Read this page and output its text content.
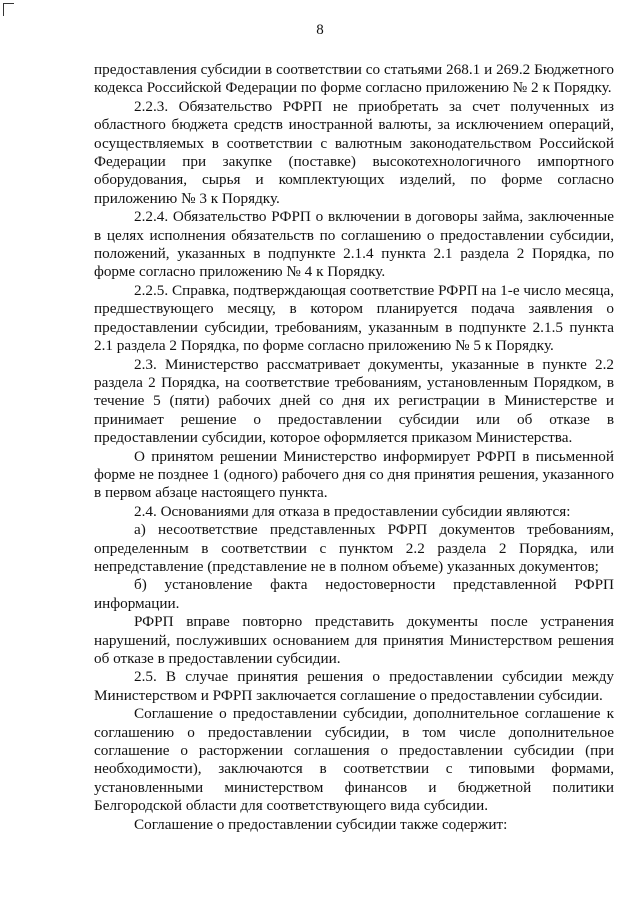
8

предоставления субсидии в соответствии со статьями 268.1 и 269.2 Бюджетного кодекса Российской Федерации по форме согласно приложению № 2 к Порядку.

2.2.3. Обязательство РФРП не приобретать за счет полученных из областного бюджета средств иностранной валюты, за исключением операций, осуществляемых в соответствии с валютным законодательством Российской Федерации при закупке (поставке) высокотехнологичного импортного оборудования, сырья и комплектующих изделий, по форме согласно приложению № 3 к Порядку.

2.2.4. Обязательство РФРП о включении в договоры займа, заключенные в целях исполнения обязательств по соглашению о предоставлении субсидии, положений, указанных в подпункте 2.1.4 пункта 2.1 раздела 2 Порядка, по форме согласно приложению № 4 к Порядку.

2.2.5. Справка, подтверждающая соответствие РФРП на 1-е число месяца, предшествующего месяцу, в котором планируется подача заявления о предоставлении субсидии, требованиям, указанным в подпункте 2.1.5 пункта 2.1 раздела 2 Порядка, по форме согласно приложению № 5 к Порядку.

2.3. Министерство рассматривает документы, указанные в пункте 2.2 раздела 2 Порядка, на соответствие требованиям, установленным Порядком, в течение 5 (пяти) рабочих дней со дня их регистрации в Министерстве и принимает решение о предоставлении субсидии или об отказе в предоставлении субсидии, которое оформляется приказом Министерства.

О принятом решении Министерство информирует РФРП в письменной форме не позднее 1 (одного) рабочего дня со дня принятия решения, указанного в первом абзаце настоящего пункта.

2.4. Основаниями для отказа в предоставлении субсидии являются:

а) несоответствие представленных РФРП документов требованиям, определенным в соответствии с пунктом 2.2 раздела 2 Порядка, или непредставление (представление не в полном объеме) указанных документов;

б) установление факта недостоверности представленной РФРП информации.

РФРП вправе повторно представить документы после устранения нарушений, послуживших основанием для принятия Министерством решения об отказе в предоставлении субсидии.

2.5. В случае принятия решения о предоставлении субсидии между Министерством и РФРП заключается соглашение о предоставлении субсидии.

Соглашение о предоставлении субсидии, дополнительное соглашение к соглашению о предоставлении субсидии, в том числе дополнительное соглашение о расторжении соглашения о предоставлении субсидии (при необходимости), заключаются в соответствии с типовыми формами, установленными министерством финансов и бюджетной политики Белгородской области для соответствующего вида субсидии.

Соглашение о предоставлении субсидии также содержит:
